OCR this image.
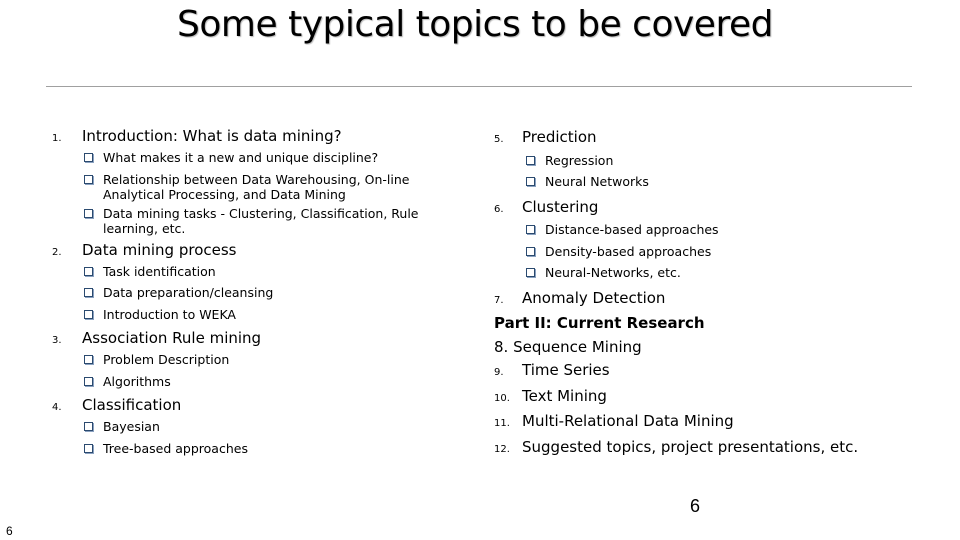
Some typical topics to be covered
1.	Introduction: What is data mining?
What makes it a new and unique discipline?
Relationship between Data Warehousing, On-line Analytical Processing, and Data Mining
Data mining tasks - Clustering, Classification, Rule learning, etc.
2.	Data mining process
Task identification
Data preparation/cleansing
Introduction to WEKA
3.	Association Rule mining
Problem Description
Algorithms
4.	Classification
Bayesian
Tree-based approaches
5.	Prediction
Regression
Neural Networks
6.	Clustering
Distance-based approaches
Density-based approaches
Neural-Networks, etc.
7.	Anomaly Detection
Part II: Current Research
8. Sequence Mining
9.	Time Series
10. Text Mining
11. Multi-Relational Data Mining
12. Suggested topics, project presentations, etc.
6
6
